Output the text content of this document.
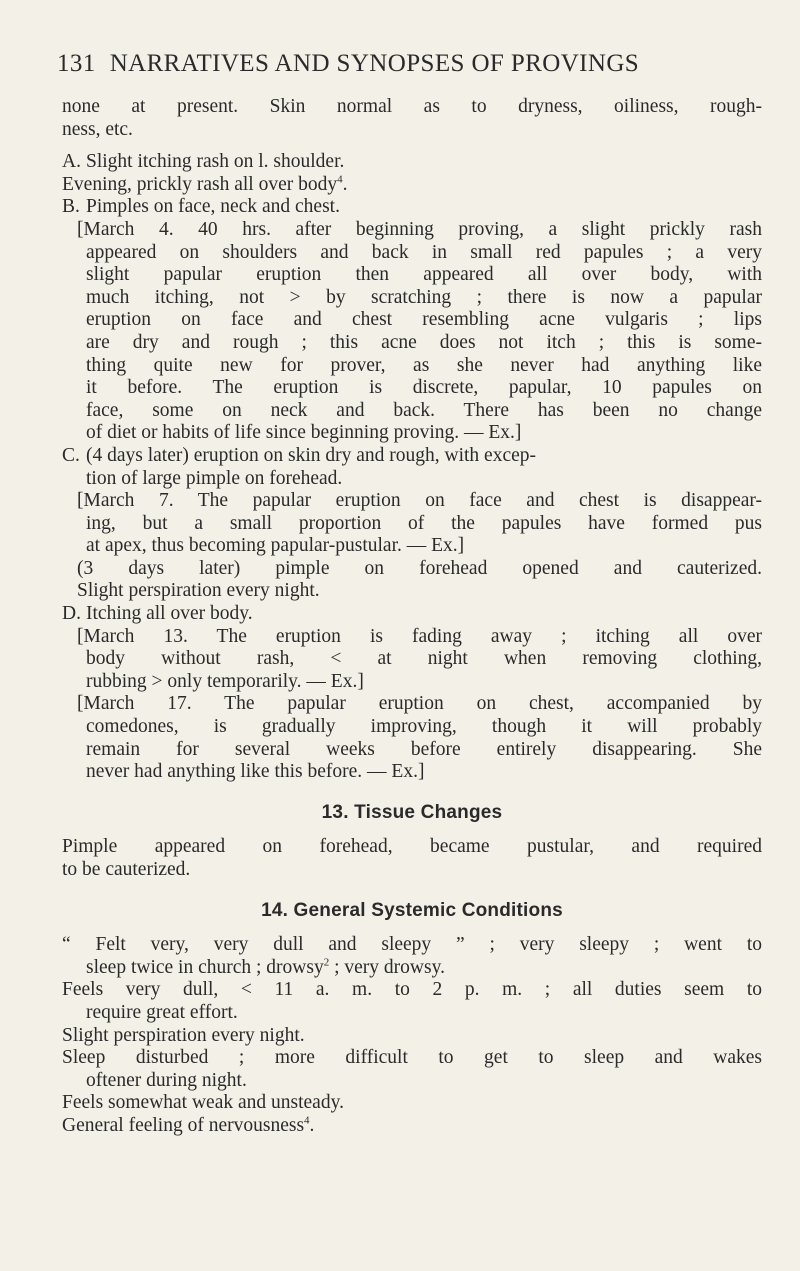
131 NARRATIVES AND SYNOPSES OF PROVINGS
none at present. Skin normal as to dryness, oiliness, rough-
ness, etc.
A. Slight itching rash on l. shoulder.
Evening, prickly rash all over body$^4$.
B. Pimples on face, neck and chest.
[March 4. 40 hrs. after beginning proving, a slight prickly rash
appeared on shoulders and back in small red papules ; a very
slight papular eruption then appeared all over body, with
much itching, not > by scratching ; there is now a papular
eruption on face and chest resembling acne vulgaris ; lips
are dry and rough ; this acne does not itch ; this is some-
thing quite new for prover, as she never had anything like
it before. The eruption is discrete, papular, 10 papules on
face, some on neck and back. There has been no change
of diet or habits of life since beginning proving. — Ex.]
C. (4 days later) eruption on skin dry and rough, with excep-
tion of large pimple on forehead.
[March 7. The papular eruption on face and chest is disappear-
ing, but a small proportion of the papules have formed pus
at apex, thus becoming papular-pustular. — Ex.]
(3 days later) pimple on forehead opened and cauterized.
Slight perspiration every night.
D. Itching all over body.
[March 13. The eruption is fading away ; itching all over
body without rash, < at night when removing clothing,
rubbing > only temporarily. — Ex.]
[March 17. The papular eruption on chest, accompanied by
comedones, is gradually improving, though it will probably
remain for several weeks before entirely disappearing. She
never had anything like this before. — Ex.]
13. Tissue Changes
Pimple appeared on forehead, became pustular, and required
to be cauterized.
14. General Systemic Conditions
“ Felt very, very dull and sleepy ” ; very sleepy ; went to
sleep twice in church ; drowsy$^2$ ; very drowsy.
Feels very dull, < 11 a. m. to 2 p. m. ; all duties seem to
require great effort.
Slight perspiration every night.
Sleep disturbed ; more difficult to get to sleep and wakes
oftener during night.
Feels somewhat weak and unsteady.
General feeling of nervousness$^4$.
